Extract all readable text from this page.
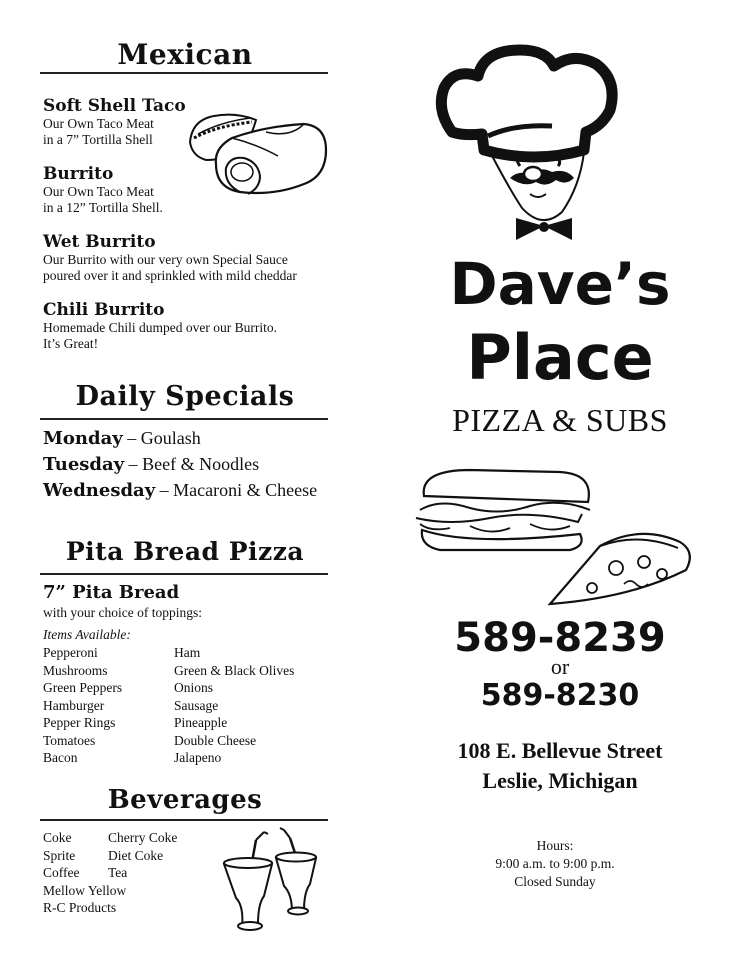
Mexican
Soft Shell Taco
Our Own Taco Meat
in a 7” Tortilla Shell
Burrito
Our Own Taco Meat
in a 12” Tortilla Shell.
Wet Burrito
Our Burrito with our very own Special Sauce
poured over it and sprinkled with mild cheddar
Chili Burrito
Homemade Chili dumped over our Burrito.
It’s Great!
Daily Specials
Monday – Goulash
Tuesday – Beef & Noodles
Wednesday – Macaroni & Cheese
Pita Bread Pizza
7” Pita Bread
with your choice of toppings:
Items Available:
Pepperoni
Mushrooms
Green Peppers
Hamburger
Pepper Rings
Tomatoes
Bacon
Ham
Green & Black Olives
Onions
Sausage
Pineapple
Double Cheese
Jalapeno
Beverages
Coke
Sprite
Coffee
Mellow Yellow
R-C Products
Cherry Coke
Diet Coke
Tea
Dave’s
Place
PIZZA & SUBS
589-8239
or
589-8230
108 E. Bellevue Street
Leslie, Michigan
Hours:
9:00 a.m. to 9:00 p.m.
Closed Sunday
